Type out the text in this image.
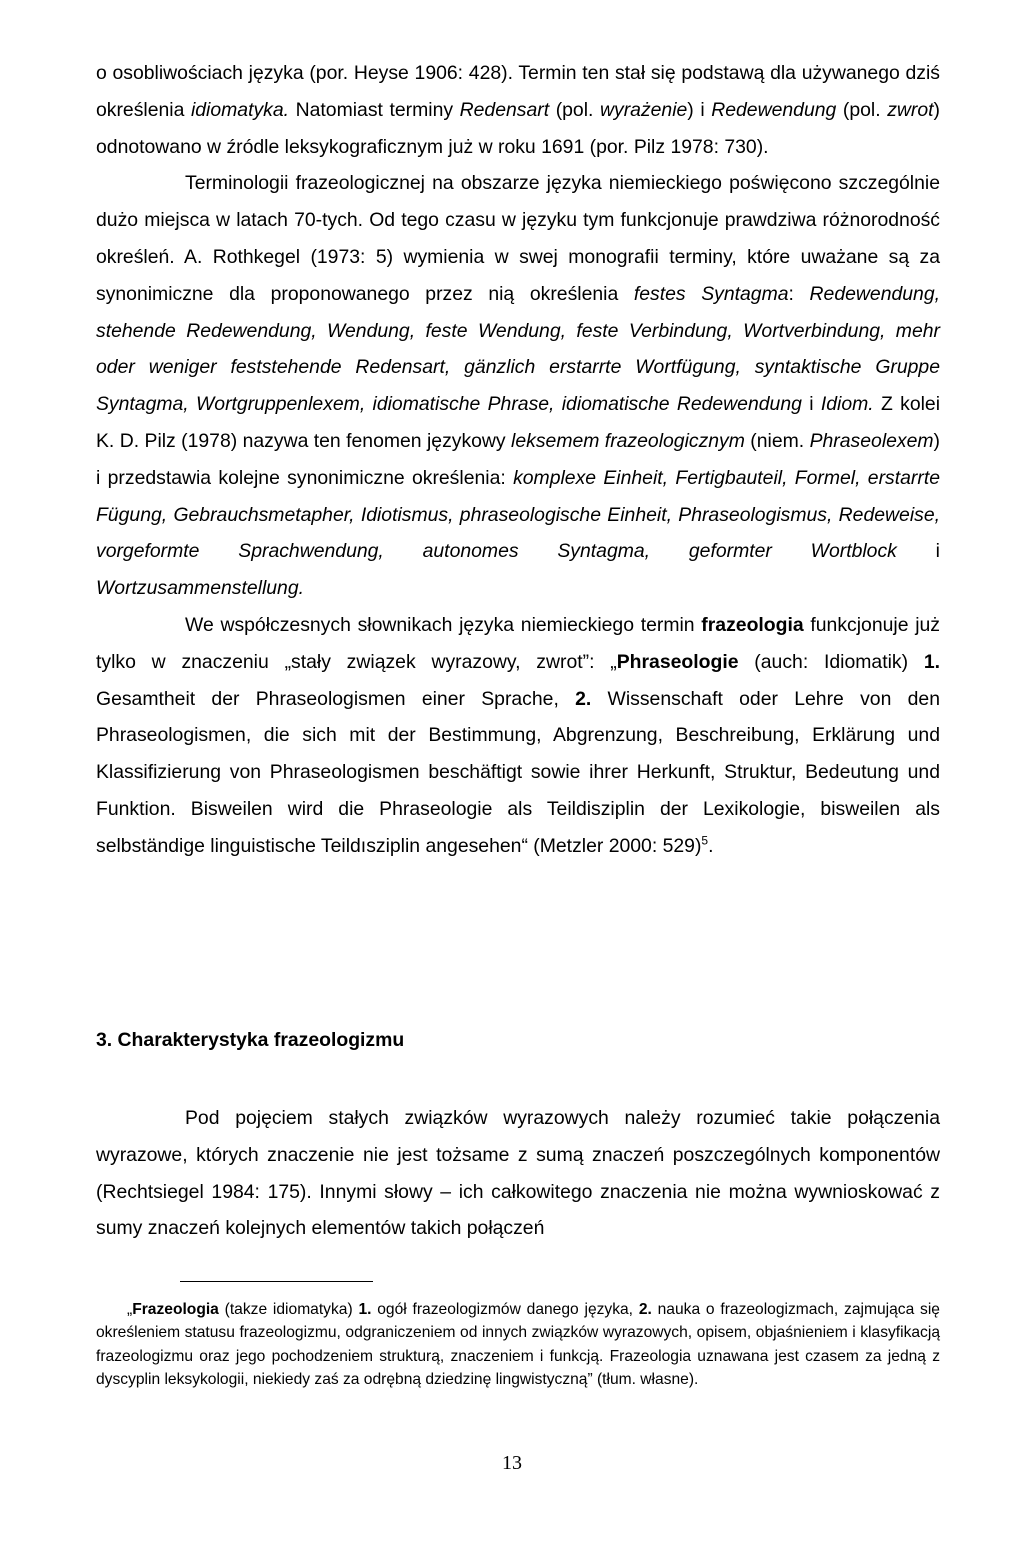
o osobliwościach języka (por. Heyse 1906: 428). Termin ten stał się podstawą dla używanego dziś określenia idiomatyka. Natomiast terminy Redensart (pol. wyrażenie) i Redewendung (pol. zwrot) odnotowano w źródle leksykograficznym już w roku 1691 (por. Pilz 1978: 730).

Terminologii frazeologicznej na obszarze języka niemieckiego poświęcono szczególnie dużo miejsca w latach 70-tych. Od tego czasu w języku tym funkcjonuje prawdziwa różnorodność określeń. A. Rothkegel (1973: 5) wymienia w swej monografii terminy, które uważane są za synonimiczne dla proponowanego przez nią określenia festes Syntagma: Redewendung, stehende Redewendung, Wendung, feste Wendung, feste Verbindung, Wortverbindung, mehr oder weniger feststehende Redensart, gänzlich erstarrte Wortfügung, syntaktische Gruppe Syntagma, Wortgruppenlexem, idiomatische Phrase, idiomatische Redewendung i Idiom. Z kolei K. D. Pilz (1978) nazywa ten fenomen językowy leksemem frazeologicznym (niem. Phraseolexem) i przedstawia kolejne synonimiczne określenia: komplexe Einheit, Fertigbauteil, Formel, erstarrte Fügung, Gebrauchsmetapher, Idiotismus, phraseologische Einheit, Phraseologismus, Redeweise, vorgeformte Sprachwendung, autonomes Syntagma, geformter Wortblock i Wortzusammenstellung.

We współczesnych słownikach języka niemieckiego termin frazeologia funkcjonuje już tylko w znaczeniu „stały związek wyrazowy, zwrot”: „Phraseologie (auch: Idiomatik) 1. Gesamtheit der Phraseologismen einer Sprache, 2. Wissenschaft oder Lehre von den Phraseologismen, die sich mit der Bestimmung, Abgrenzung, Beschreibung, Erklärung und Klassifizierung von Phraseologismen beschäftigt sowie ihrer Herkunft, Struktur, Bedeutung und Funktion. Bisweilen wird die Phraseologie als Teildisziplin der Lexikologie, bisweilen als selbständige linguistische Teildısziplin angesehen“ (Metzler 2000: 529)$^5$.

3. Charakterystyka frazeologizmu

Pod pojęciem stałych związków wyrazowych należy rozumieć takie połączenia wyrazowe, których znaczenie nie jest tożsame z sumą znaczeń poszczególnych komponentów (Rechtsiegel 1984: 175). Innymi słowy – ich całkowitego znaczenia nie można wywnioskować z sumy znaczeń kolejnych elementów takich połączeń

„Frazeologia (takze idiomatyka) 1. ogół frazeologizmów danego języka, 2. nauka o frazeologizmach, zajmująca się określeniem statusu frazeologizmu, odgraniczeniem od innych związków wyrazowych, opisem, objaśnieniem i klasyfikacją frazeologizmu oraz jego pochodzeniem strukturą, znaczeniem i funkcją. Frazeologia uznawana jest czasem za jedną z dyscyplin leksykologii, niekiedy zaś za odrębną dziedzinę lingwistyczną” (tłum. własne).

13
